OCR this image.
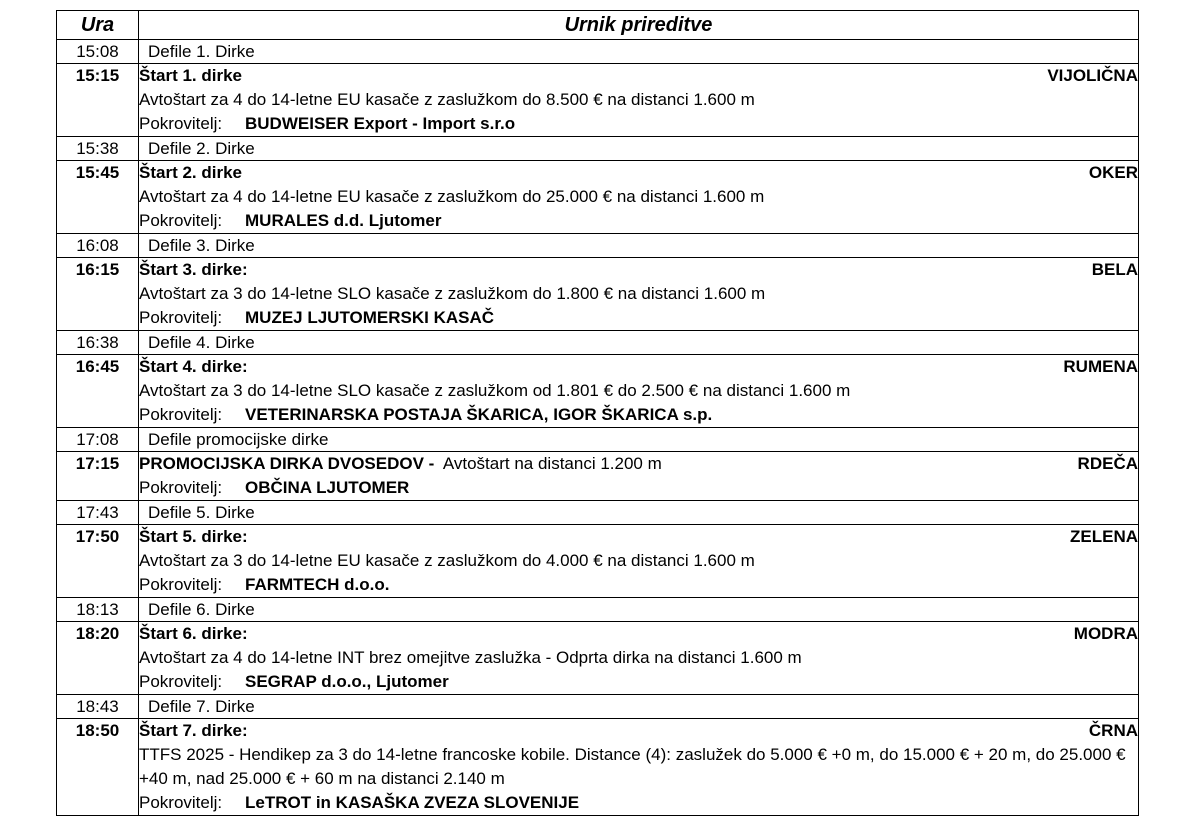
Ura	Urnik prireditve
15:08	Defile 1. Dirke

15:15	Štart 1. dirke VIJOLIČNA
Avtoštart za 4 do 14-letne EU kasače z zaslužkom do 8.500 € na distanci 1.600 m
Pokrovitelj: BUDWEISER Export - Import s.r.o

15:38	Defile 2. Dirke

15:45	Štart 2. dirke OKER
Avtoštart za 4 do 14-letne EU kasače z zaslužkom do 25.000 € na distanci 1.600 m
Pokrovitelj: MURALES d.d. Ljutomer

16:08	Defile 3. Dirke

16:15	Štart 3. dirke: BELA
Avtoštart za 3 do 14-letne SLO kasače z zaslužkom do 1.800 € na distanci 1.600 m
Pokrovitelj: MUZEJ LJUTOMERSKI KASAČ

16:38	Defile 4. Dirke

16:45	Štart 4. dirke: RUMENA
Avtoštart za 3 do 14-letne SLO kasače z zaslužkom od 1.801 € do 2.500 € na distanci 1.600 m
Pokrovitelj: VETERINARSKA POSTAJA ŠKARICA, IGOR ŠKARICA s.p.

17:08	Defile promocijske dirke

17:15	PROMOCIJSKA DIRKA DVOSEDOV - Avtoštart na distanci 1.200 m RDEČA
Pokrovitelj: OBČINA LJUTOMER

17:43	Defile 5. Dirke

17:50	Štart 5. dirke: ZELENA
Avtoštart za 3 do 14-letne EU kasače z zaslužkom do 4.000 € na distanci 1.600 m
Pokrovitelj: FARMTECH d.o.o.

18:13	Defile 6. Dirke

18:20	Štart 6. dirke: MODRA
Avtoštart za 4 do 14-letne INT brez omejitve zaslužka - Odprta dirka na distanci 1.600 m
Pokrovitelj: SEGRAP d.o.o., Ljutomer

18:43	Defile 7. Dirke

18:50	Štart 7. dirke: ČRNA
TTFS 2025 - Hendikep za 3 do 14-letne francoske kobile. Distance (4): zaslužek do 5.000 € +0 m, do 15.000 € + 20 m, do 25.000 € +40 m, nad 25.000 € + 60 m na distanci 2.140 m
Pokrovitelj: LeTROT in KASAŠKA ZVEZA SLOVENIJE
